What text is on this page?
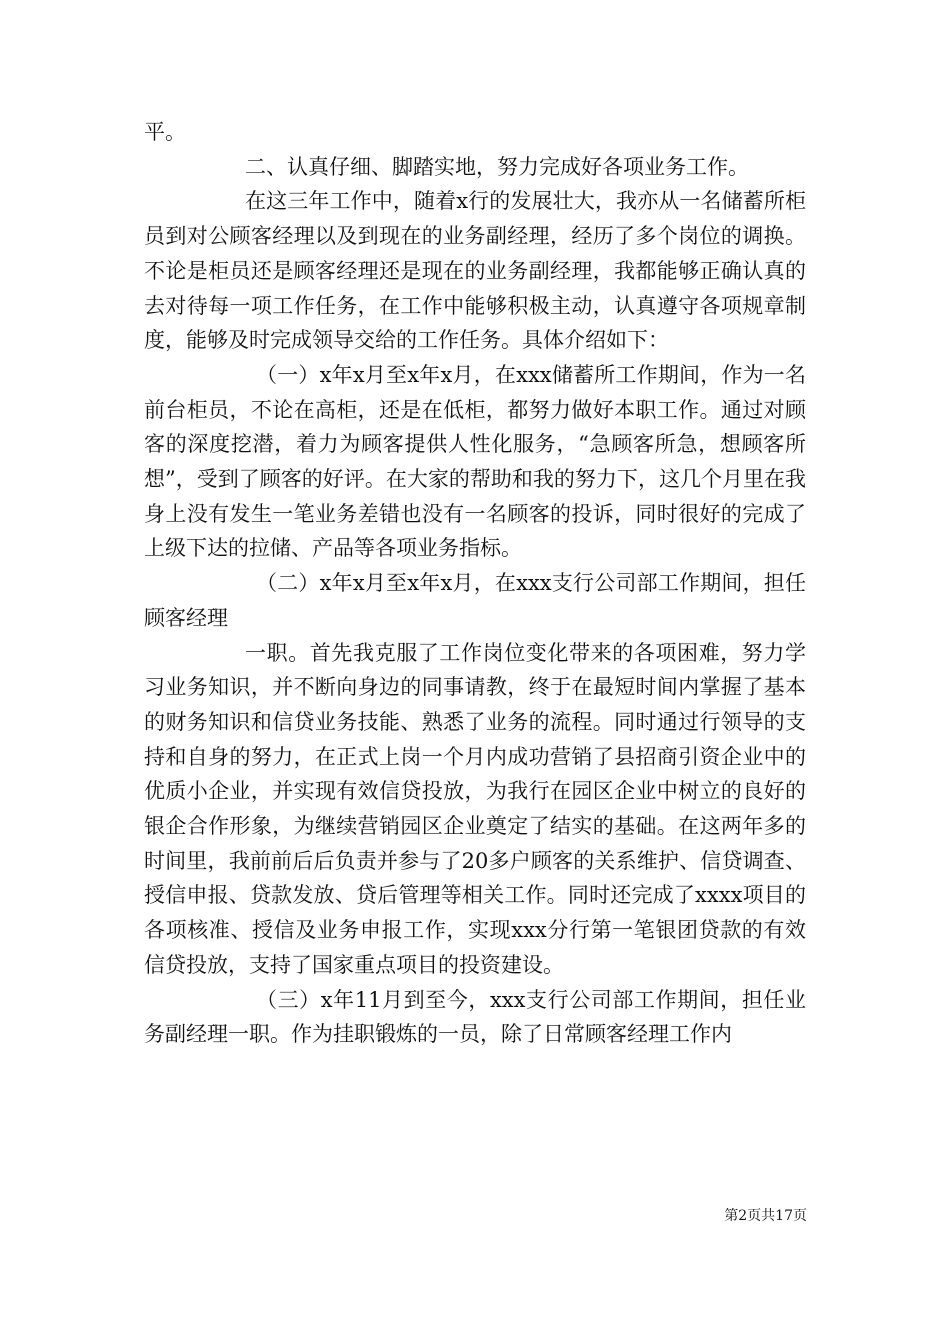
平。

二、认真仔细、脚踏实地，努力完成好各项业务工作。

在这三年工作中，随着x行的发展壮大，我亦从一名储蓄所柜员到对公顾客经理以及到现在的业务副经理，经历了多个岗位的调换。不论是柜员还是顾客经理还是现在的业务副经理，我都能够正确认真的去对待每一项工作任务，在工作中能够积极主动，认真遵守各项规章制度，能够及时完成领导交给的工作任务。具体介绍如下：

（一）x年x月至x年x月，在xxx储蓄所工作期间，作为一名前台柜员，不论在高柜，还是在低柜，都努力做好本职工作。通过对顾客的深度挖潜，着力为顾客提供人性化服务，“急顾客所急，想顾客所想”，受到了顾客的好评。在大家的帮助和我的努力下，这几个月里在我身上没有发生一笔业务差错也没有一名顾客的投诉，同时很好的完成了上级下达的拉储、产品等各项业务指标。

（二）x年x月至x年x月，在xxx支行公司部工作期间，担任顾客经理

一职。首先我克服了工作岗位变化带来的各项困难，努力学习业务知识，并不断向身边的同事请教，终于在最短时间内掌握了基本的财务知识和信贷业务技能、熟悉了业务的流程。同时通过行领导的支持和自身的努力，在正式上岗一个月内成功营销了县招商引资企业中的优质小企业，并实现有效信贷投放，为我行在园区企业中树立的良好的银企合作形象，为继续营销园区企业奠定了结实的基础。在这两年多的时间里，我前前后后负责并参与了20多户顾客的关系维护、信贷调查、授信申报、贷款发放、贷后管理等相关工作。同时还完成了xxxx项目的各项核准、授信及业务申报工作，实现xxx分行第一笔银团贷款的有效信贷投放，支持了国家重点项目的投资建设。

（三）x年11月到至今，xxx支行公司部工作期间，担任业务副经理一职。作为挂职锻炼的一员，除了日常顾客经理工作内

第2页共17页
